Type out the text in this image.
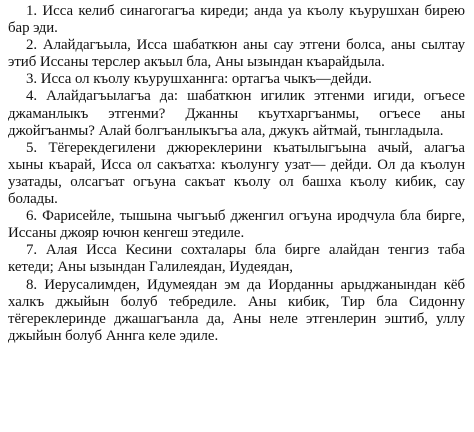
1. Исса келиб синагогагъа киреди; анда уа къолу къурушхан бирею бар эди.

2. Алайдагъыла, Исса шабаткюн аны сау этгени болса, аны сылтау этиб Иссаны терслер акъыл бла, Аны ызындан къарайдыла.

3. Исса ол къолу къурушханнга: ортагъа чыкъ—дейди.

4. Алайдагъылагъа да: шабаткюн игилик этгенми игиди, огъесе джаманлыкъ этгенми? Джанны къутхаргъанмы, огъесе аны джойгъанмы? Алай болгъанлыкъгъа ала, джукъ айтмай, тынгладыла.

5. Тёгерекдегилени джюреклерини къатылыгъына ачый, алагъа хыны къарай, Исса ол сакъатха: къолунгу узат— дейди. Ол да къолун узатады, олсагъат огъуна сакъат къолу ол башха къолу кибик, сау болады.

6. Фарисейле, тышына чыгъыб дженгил огъуна иродчула бла бирге, Иссаны джояр ючюн кенгеш этедиле.

7. Алая Исса Кесини сохталары бла бирге алайдан тенгиз таба кетеди; Аны ызындан Галилеядан, Иудеядан,

8. Иерусалимден, Идумеядан эм да Иорданны арыджанындан кёб халкъ джыйын болуб тебредиле. Аны кибик, Тир бла Сидонну тёгереклеринде джашагъанла да, Аны неле этгенлерин эштиб, уллу джыйын болуб Аннга келе эдиле.
